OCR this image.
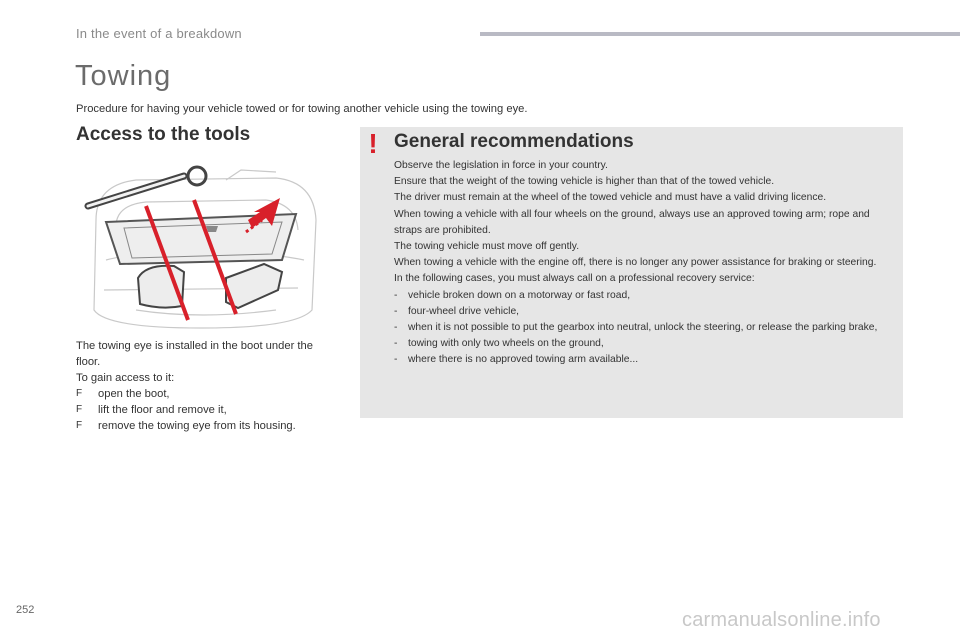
In the event of a breakdown
Towing
Procedure for having your vehicle towed or for towing another vehicle using the towing eye.
Access to the tools

The towing eye is installed in the boot under the floor.

To gain access to it:

F	open the boot,
F	lift the floor and remove it,
F	remove the towing eye from its housing.
! General recommendations

Observe the legislation in force in your country.

Ensure that the weight of the towing vehicle is higher than that of the towed vehicle.

The driver must remain at the wheel of the towed vehicle and must have a valid driving licence.

When towing a vehicle with all four wheels on the ground, always use an approved towing arm; rope and straps are prohibited.

The towing vehicle must move off gently.

When towing a vehicle with the engine off, there is no longer any power assistance for braking or steering.

In the following cases, you must always call on a professional recovery service:

- vehicle broken down on a motorway or fast road,
- four-wheel drive vehicle,
- when it is not possible to put the gearbox into neutral, unlock the steering, or release the parking brake,
- towing with only two wheels on the ground,
- where there is no approved towing arm available...
252	carmanualsonline.info
